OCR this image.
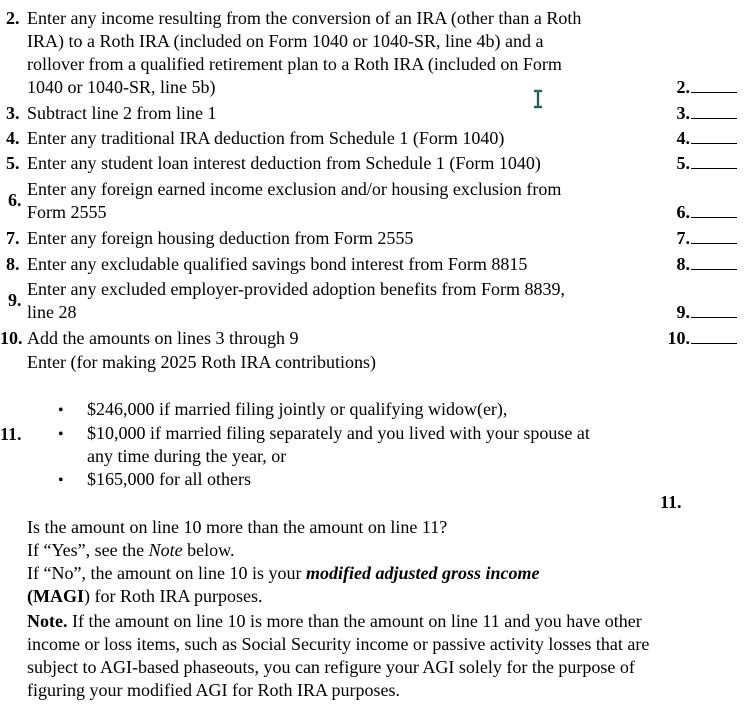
2. Enter any income resulting from the conversion of an IRA (other than a Roth
IRA) to a Roth IRA (included on Form 1040 or 1040-SR, line 4b) and a
rollover from a qualified retirement plan to a Roth IRA (included on Form
1040 or 1040-SR, line 5b)	2.
3. Subtract line 2 from line 1	3.
4. Enter any traditional IRA deduction from Schedule 1 (Form 1040)	4.
5. Enter any student loan interest deduction from Schedule 1 (Form 1040)	5.
6.
Enter any foreign earned income exclusion and/or housing exclusion from
Form 2555	6.
7. Enter any foreign housing deduction from Form 2555	7.
8. Enter any excludable qualified savings bond interest from Form 8815	8.
9.
Enter any excluded employer-provided adoption benefits from Form 8839,
line 28	9.
10. Add the amounts on lines 3 through 9	10.
Enter (for making 2025 Roth IRA contributions)
11.
• $246,000 if married filing jointly or qualifying widow(er),
• $10,000 if married filing separately and you lived with your spouse at
any time during the year, or
• $165,000 for all others
11.
Is the amount on line 10 more than the amount on line 11?
If “Yes”, see the Note below.
If “No”, the amount on line 10 is your modified adjusted gross income
(MAGI) for Roth IRA purposes.
Note. If the amount on line 10 is more than the amount on line 11 and you have other
income or loss items, such as Social Security income or passive activity losses that are
subject to AGI-based phaseouts, you can refigure your AGI solely for the purpose of
figuring your modified AGI for Roth IRA purposes.
